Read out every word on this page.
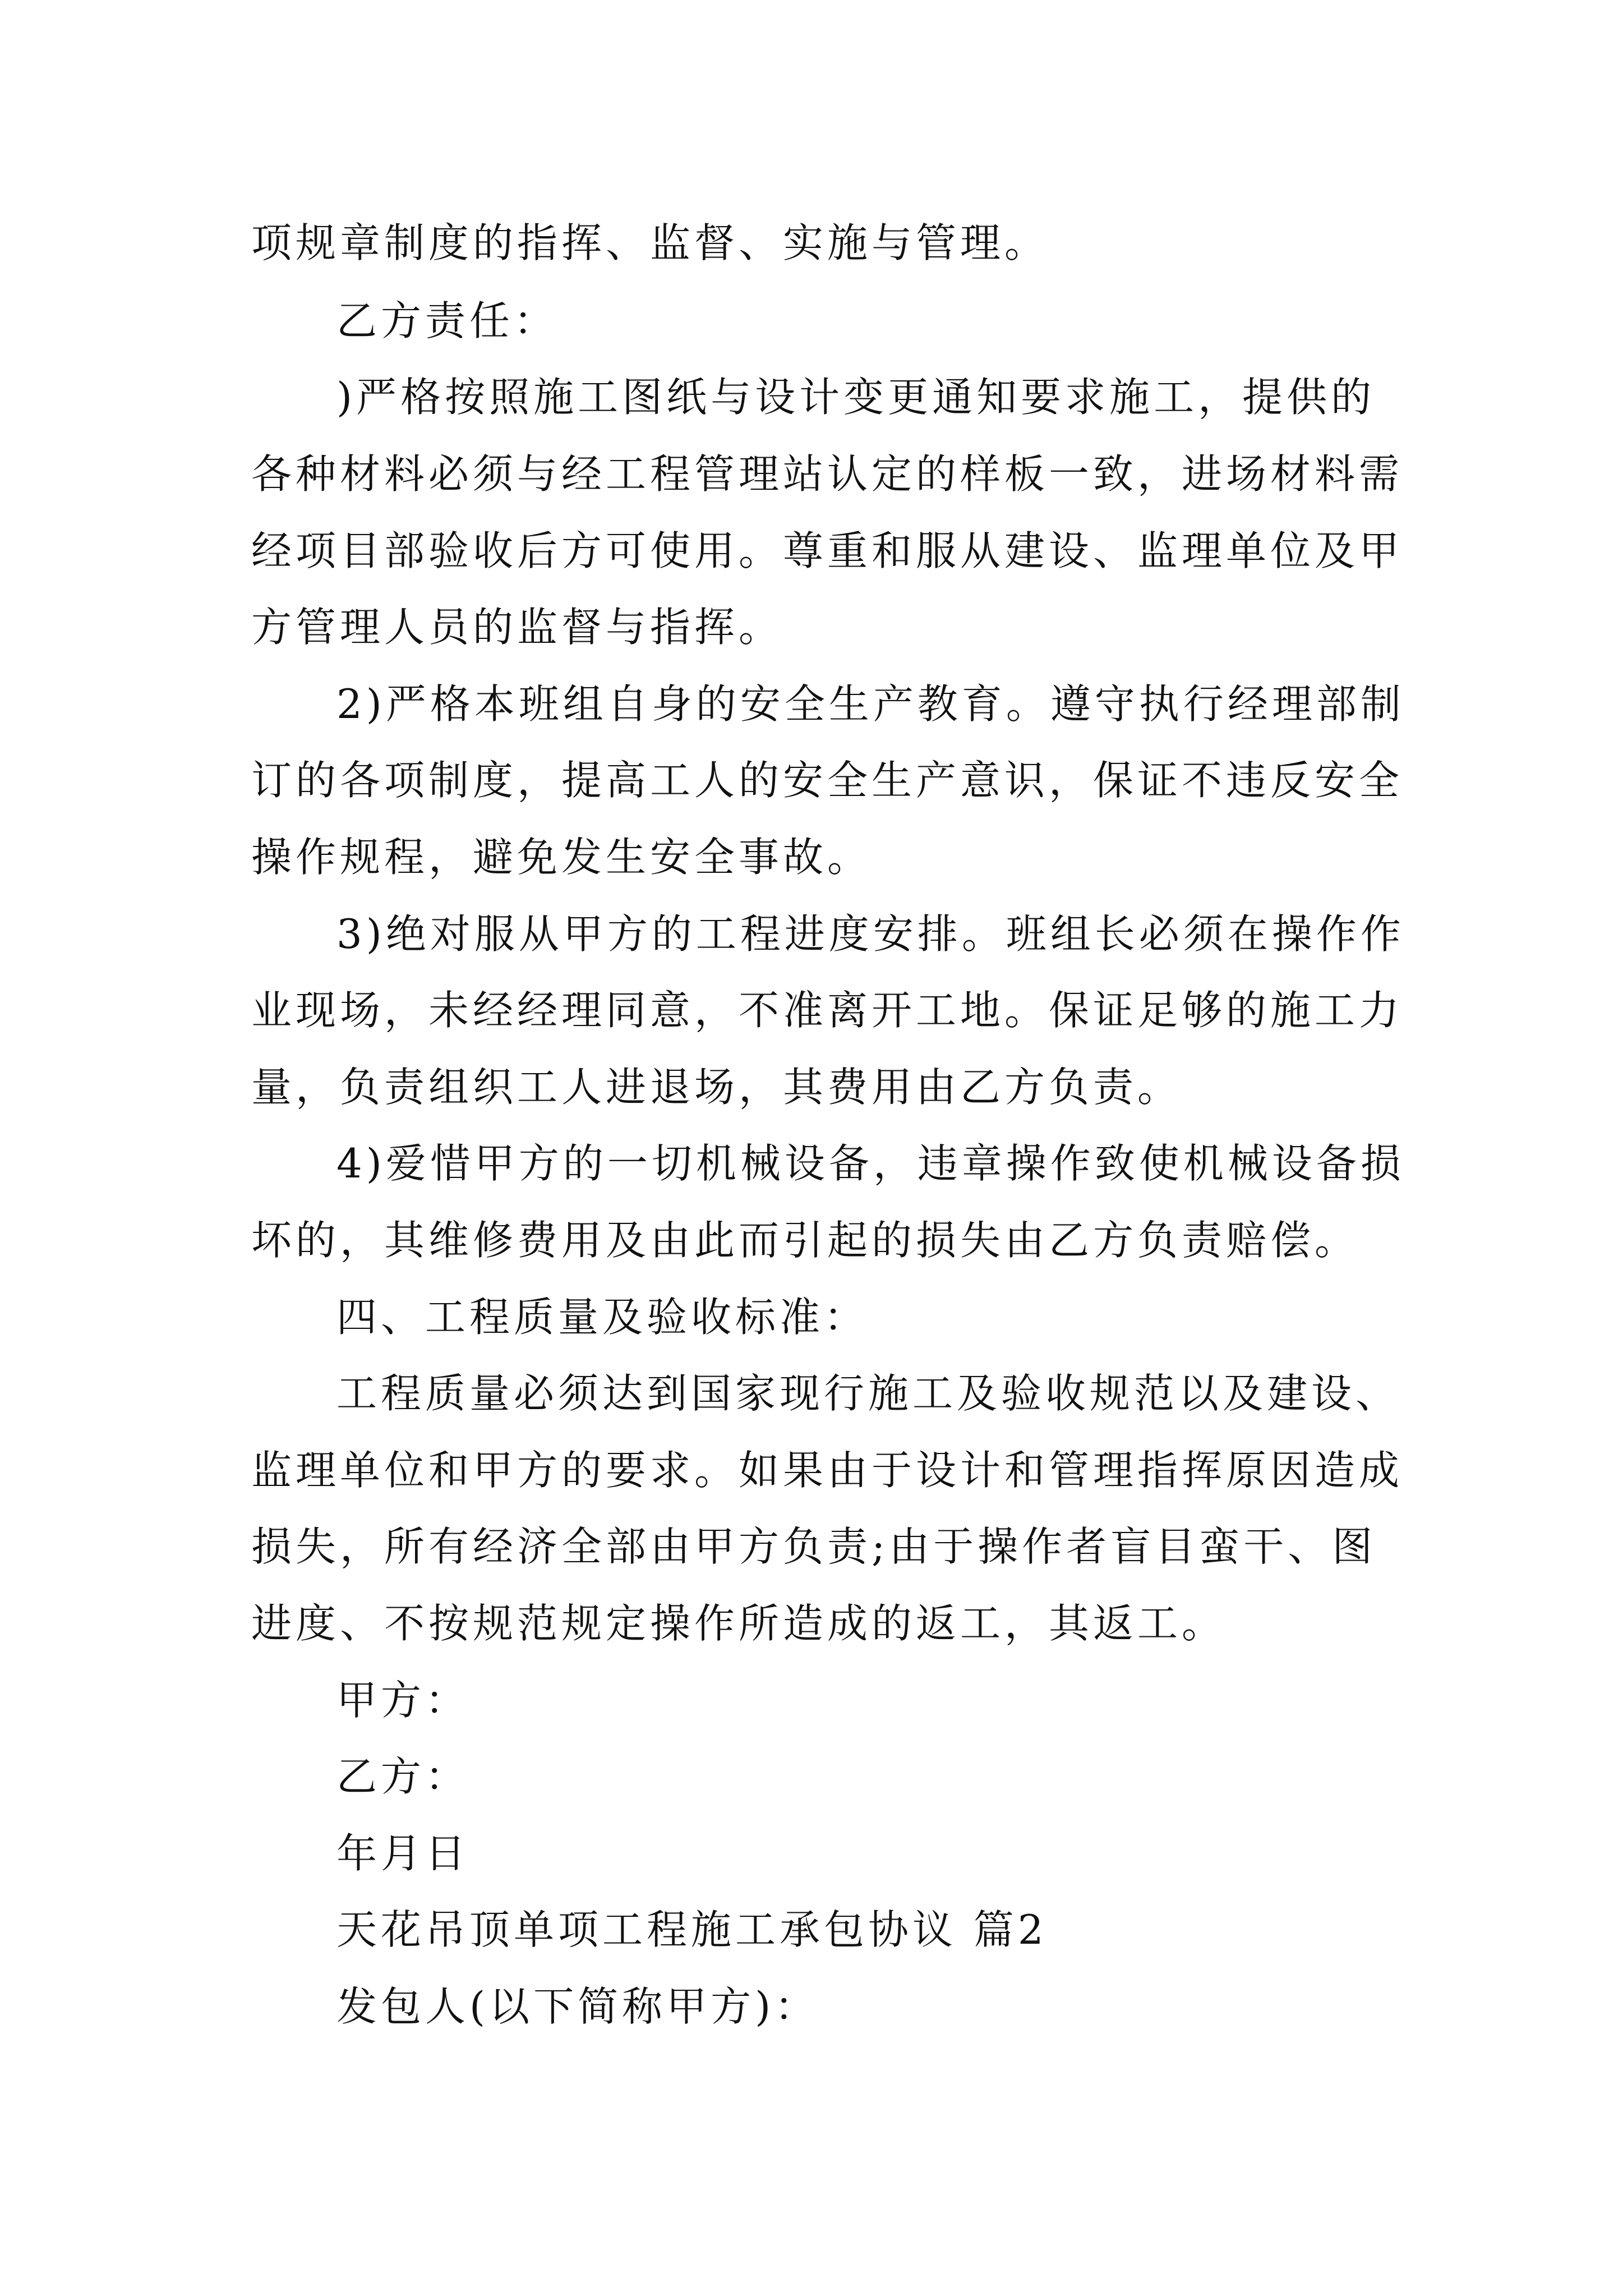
项规章制度的指挥、监督、实施与管理。
乙方责任：
)严格按照施工图纸与设计变更通知要求施工，提供的
各种材料必须与经工程管理站认定的样板一致，进场材料需
经项目部验收后方可使用。尊重和服从建设、监理单位及甲
方管理人员的监督与指挥。
2)严格本班组自身的安全生产教育。遵守执行经理部制
订的各项制度，提高工人的安全生产意识，保证不违反安全
操作规程，避免发生安全事故。
3)绝对服从甲方的工程进度安排。班组长必须在操作作
业现场，未经经理同意，不准离开工地。保证足够的施工力
量，负责组织工人进退场，其费用由乙方负责。
4)爱惜甲方的一切机械设备，违章操作致使机械设备损
坏的，其维修费用及由此而引起的损失由乙方负责赔偿。
四、工程质量及验收标准：
工程质量必须达到国家现行施工及验收规范以及建设、
监理单位和甲方的要求。如果由于设计和管理指挥原因造成
损失，所有经济全部由甲方负责;由于操作者盲目蛮干、图
进度、不按规范规定操作所造成的返工，其返工。
甲方：
乙方：
年月日
天花吊顶单项工程施工承包协议 篇2
发包人(以下简称甲方)：
